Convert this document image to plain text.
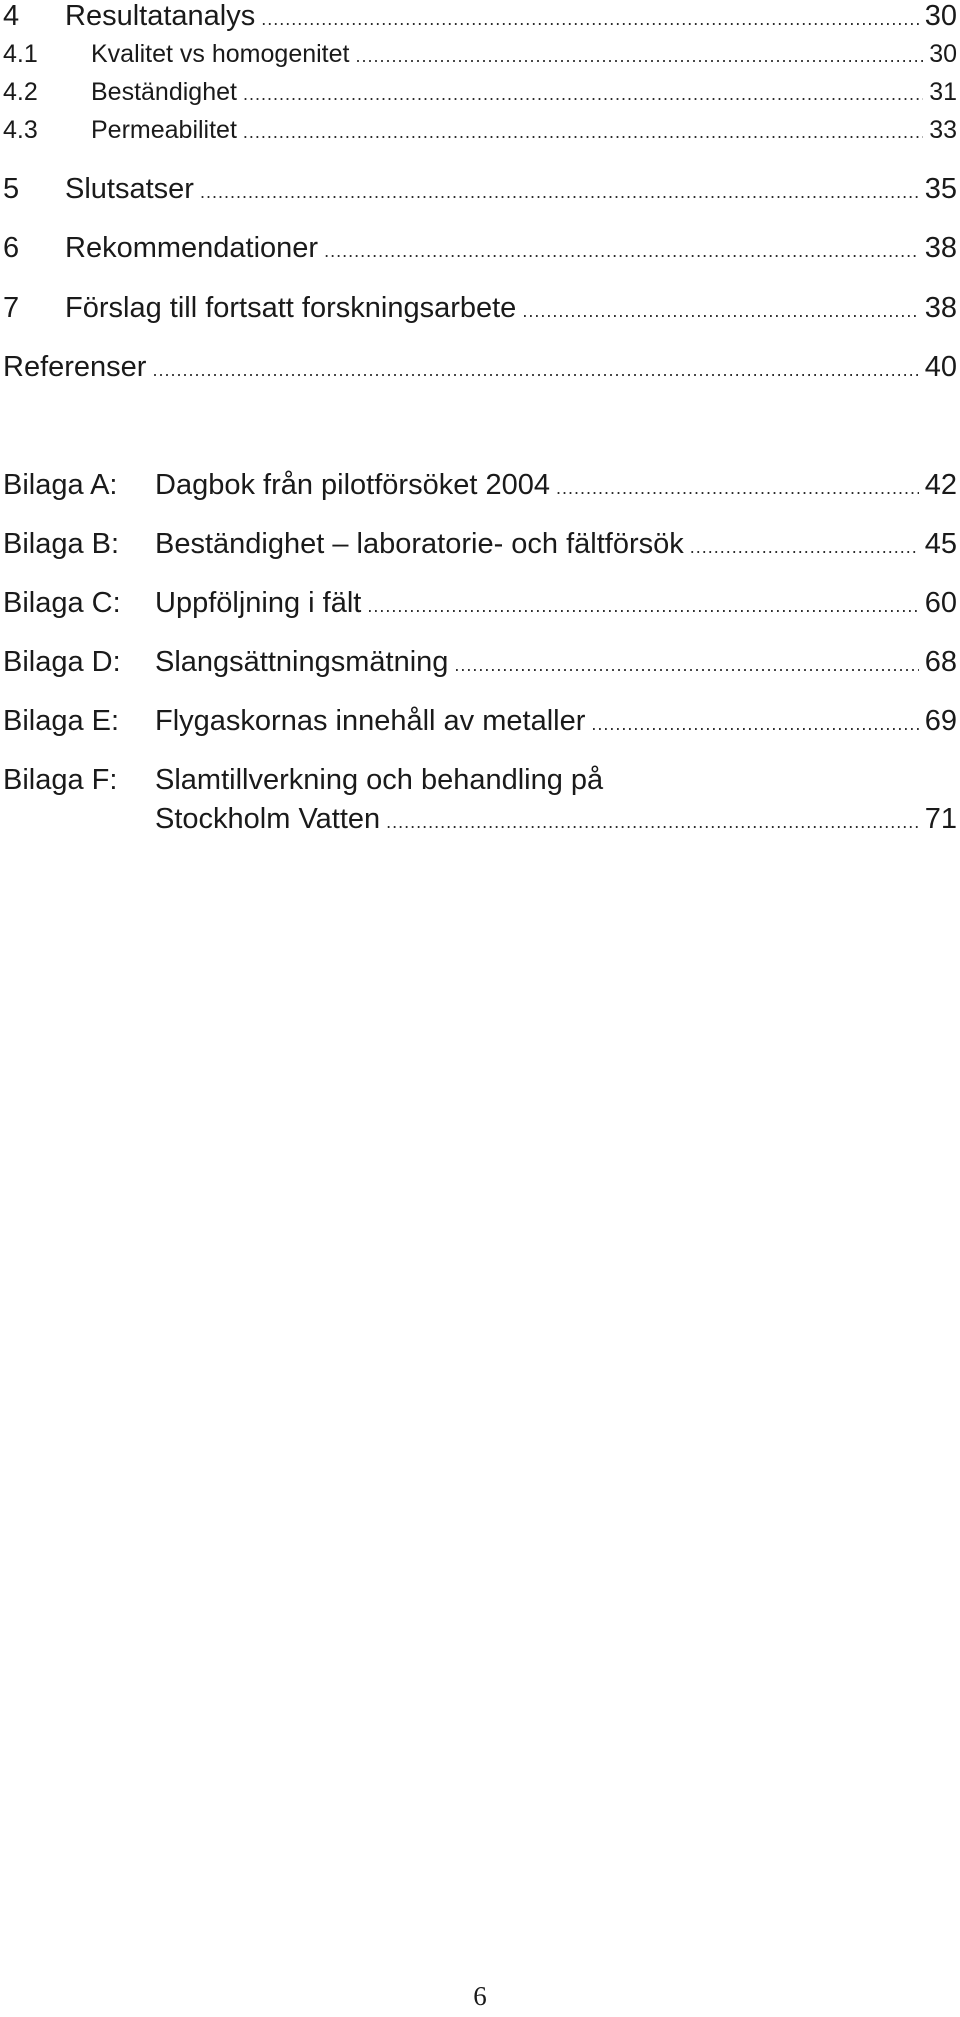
4	Resultatanalys .....	30
4.1	Kvalitet vs homogenitet .....	30
4.2	Beständighet .....	31
4.3	Permeabilitet .....	33
5	Slutsatser .....	35
6	Rekommendationer .....	38
7	Förslag till fortsatt forskningsarbete .....	38
Referenser .....	40
Bilaga A:	Dagbok från pilotförsöket 2004 .....	42
Bilaga B:	Beständighet – laboratorie- och fältförsök .....	45
Bilaga C:	Uppföljning i fält .....	60
Bilaga D:	Slangsättningsmätning .....	68
Bilaga E:	Flygaskornas innehåll av metaller .....	69
Bilaga F:	Slamtillverkning och behandling på
Stockholm Vatten .....	71
6
